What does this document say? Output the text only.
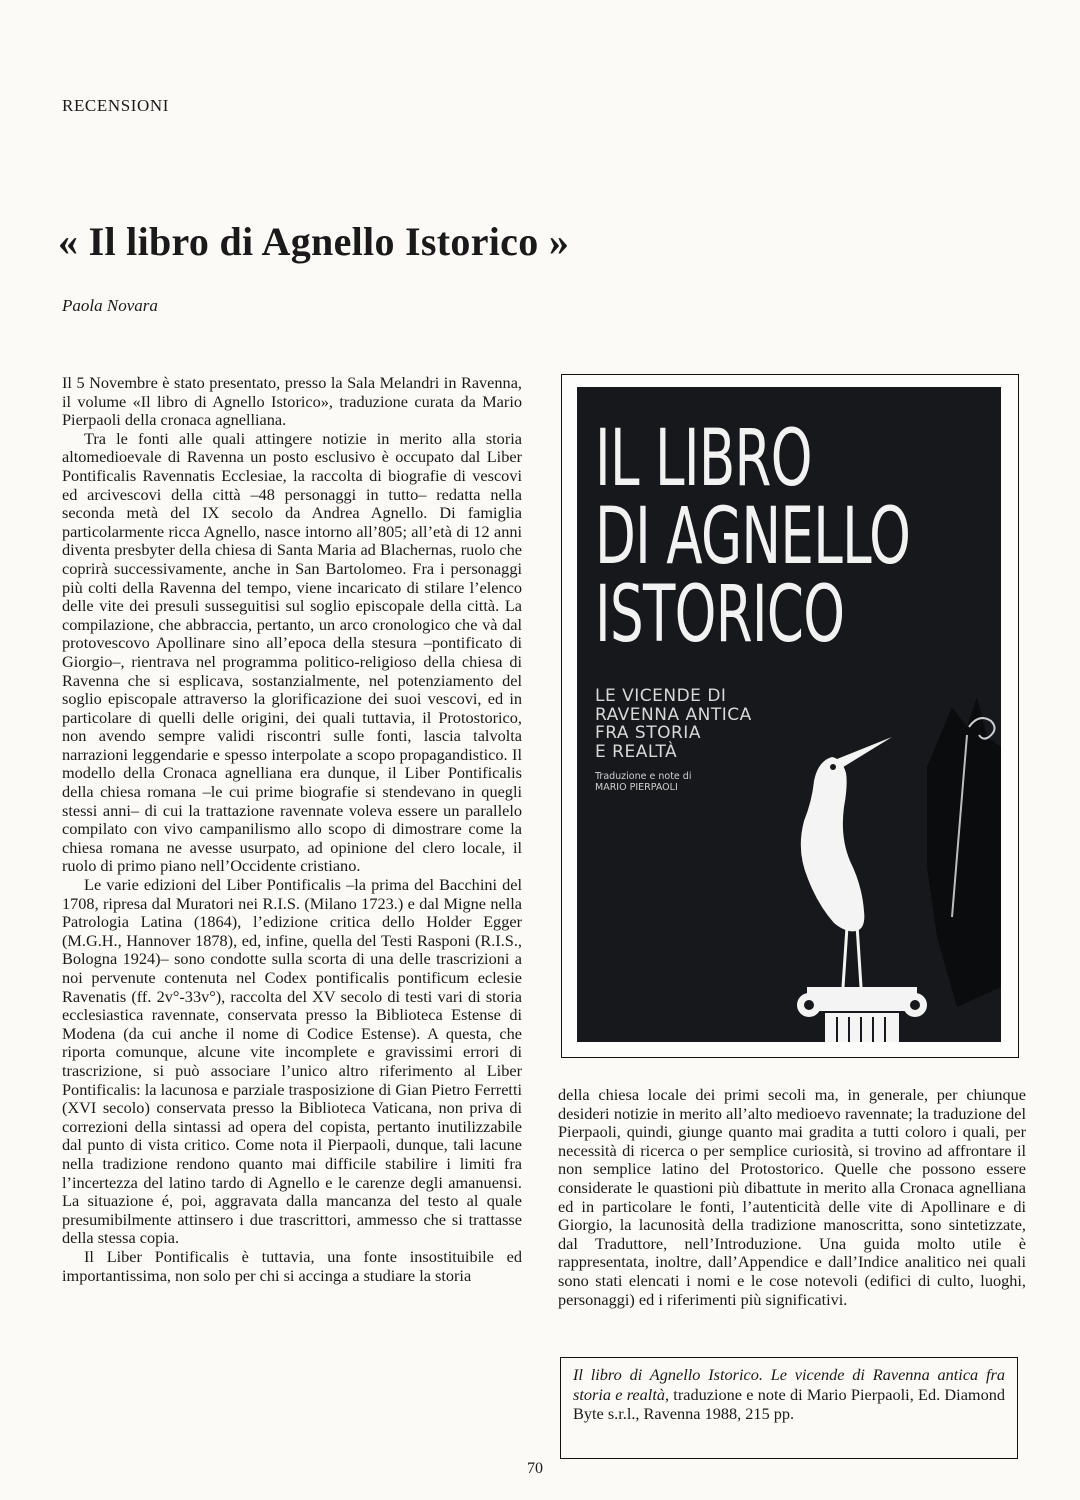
RECENSIONI
« Il libro di Agnello Istorico »
Paola Novara

Il 5 Novembre è stato presentato, presso la Sala Melandri in Ravenna, il volume «Il libro di Agnello Istorico», traduzione curata da Mario Pierpaoli della cronaca agnelliana.

Tra le fonti alle quali attingere notizie in merito alla storia altomedioevale di Ravenna un posto esclusivo è occupato dal Liber Pontificalis Ravennatis Ecclesiae, la raccolta di biografie di vescovi ed arcivescovi della città –48 personaggi in tutto– redatta nella seconda metà del IX secolo da Andrea Agnello. Di famiglia particolarmente ricca Agnello, nasce intorno all’805; all’età di 12 anni diventa presbyter della chiesa di Santa Maria ad Blachernas, ruolo che coprirà successivamente, anche in San Bartolomeo. Fra i personaggi più colti della Ravenna del tempo, viene incaricato di stilare l’elenco delle vite dei presuli susseguitisi sul soglio episcopale della città. La compilazione, che abbraccia, pertanto, un arco cronologico che và dal protovescovo Apollinare sino all’epoca della stesura –pontificato di Giorgio–, rientrava nel programma politico-religioso della chiesa di Ravenna che si esplicava, sostanzialmente, nel potenziamento del soglio episcopale attraverso la glorificazione dei suoi vescovi, ed in particolare di quelli delle origini, dei quali tuttavia, il Protostorico, non avendo sempre validi riscontri sulle fonti, lascia talvolta narrazioni leggendarie e spesso interpolate a scopo propagandistico. Il modello della Cronaca agnelliana era dunque, il Liber Pontificalis della chiesa romana –le cui prime biografie si stendevano in quegli stessi anni– di cui la trattazione ravennate voleva essere un parallelo compilato con vivo campanilismo allo scopo di dimostrare come la chiesa romana ne avesse usurpato, ad opinione del clero locale, il ruolo di primo piano nell’Occidente cristiano.

Le varie edizioni del Liber Pontificalis –la prima del Bacchini del 1708, ripresa dal Muratori nei R.I.S. (Milano 1723.) e dal Migne nella Patrologia Latina (1864), l’edizione critica dello Holder Egger (M.G.H., Hannover 1878), ed, infine, quella del Testi Rasponi (R.I.S., Bologna 1924)– sono condotte sulla scorta di una delle trascrizioni a noi pervenute contenuta nel Codex pontificalis pontificum eclesie Ravenatis (ff. 2v°-33v°), raccolta del XV secolo di testi vari di storia ecclesiastica ravennate, conservata presso la Biblioteca Estense di Modena (da cui anche il nome di Codice Estense). A questa, che riporta comunque, alcune vite incomplete e gravissimi errori di trascrizione, si può associare l’unico altro riferimento al Liber Pontificalis: la lacunosa e parziale trasposizione di Gian Pietro Ferretti (XVI secolo) conservata presso la Biblioteca Vaticana, non priva di correzioni della sintassi ad opera del copista, pertanto inutilizzabile dal punto di vista critico. Come nota il Pierpaoli, dunque, tali lacune nella tradizione rendono quanto mai difficile stabilire i limiti fra l’incertezza del latino tardo di Agnello e le carenze degli amanuensi. La situazione é, poi, aggravata dalla mancanza del testo al quale presumibilmente attinsero i due trascrittori, ammesso che si trattasse della stessa copia.

Il Liber Pontificalis è tuttavia, una fonte insostituibile ed importantissima, non solo per chi si accinga a studiare la storia

IL LIBRO
DI AGNELLO
ISTORICO
LE VICENDE DI
RAVENNA ANTICA
FRA STORIA
E REALTÀ
Traduzione e note di
MARIO PIERPAOLI

della chiesa locale dei primi secoli ma, in generale, per chiunque desideri notizie in merito all’alto medioevo ravennate; la traduzione del Pierpaoli, quindi, giunge quanto mai gradita a tutti coloro i quali, per necessità di ricerca o per semplice curiosità, si trovino ad affrontare il non semplice latino del Protostorico. Quelle che possono essere considerate le quastioni più dibattute in merito alla Cronaca agnelliana ed in particolare le fonti, l’autenticità delle vite di Apollinare e di Giorgio, la lacunosità della tradizione manoscritta, sono sintetizzate, dal Traduttore, nell’Introduzione. Una guida molto utile è rappresentata, inoltre, dall’Appendice e dall’Indice analitico nei quali sono stati elencati i nomi e le cose notevoli (edifici di culto, luoghi, personaggi) ed i riferimenti più significativi.

Il libro di Agnello Istorico. Le vicende di Ravenna antica fra storia e realtà, traduzione e note di Mario Pierpaoli, Ed. Diamond Byte s.r.l., Ravenna 1988, 215 pp.
70
